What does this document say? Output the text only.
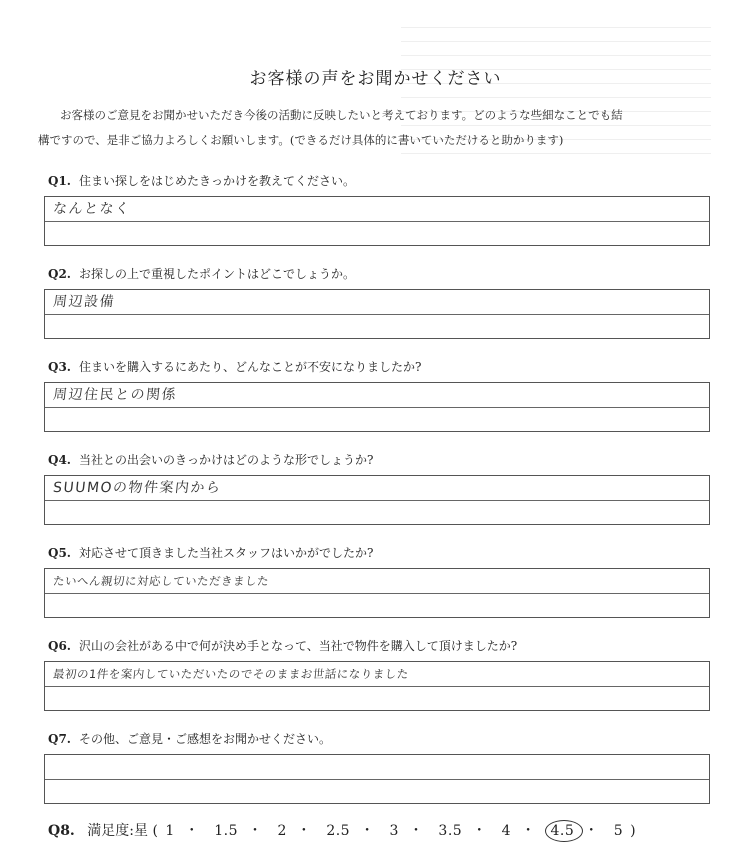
お客様の声をお聞かせください
お客様のご意見をお聞かせいただき今後の活動に反映したいと考えております。どのような些細なことでも結
構ですので、是非ご協力よろしくお願いします。(できるだけ具体的に書いていただけると助かります)
Q1. 住まい探しをはじめたきっかけを教えてください。
なんとなく
Q2. お探しの上で重視したポイントはどこでしょうか。
周辺設備
Q3. 住まいを購入するにあたり、どんなことが不安になりましたか?
周辺住民との関係
Q4. 当社との出会いのきっかけはどのような形でしょうか?
SUUMOの物件案内から
Q5. 対応させて頂きました当社スタッフはいかがでしたか?
たいへん親切に対応していただきました
Q6. 沢山の会社がある中で何が決め手となって、当社で物件を購入して頂けましたか?
最初の1件を案内していただいたのでそのままお世話になりました
Q7. その他、ご意見・ご感想をお聞かせください。
Q8. 満足度:星 ( 1 ・ 1.5 ・ 2 ・ 2.5 ・ 3 ・ 3.5 ・ 4 ・ 4.5 ・ 5 )
